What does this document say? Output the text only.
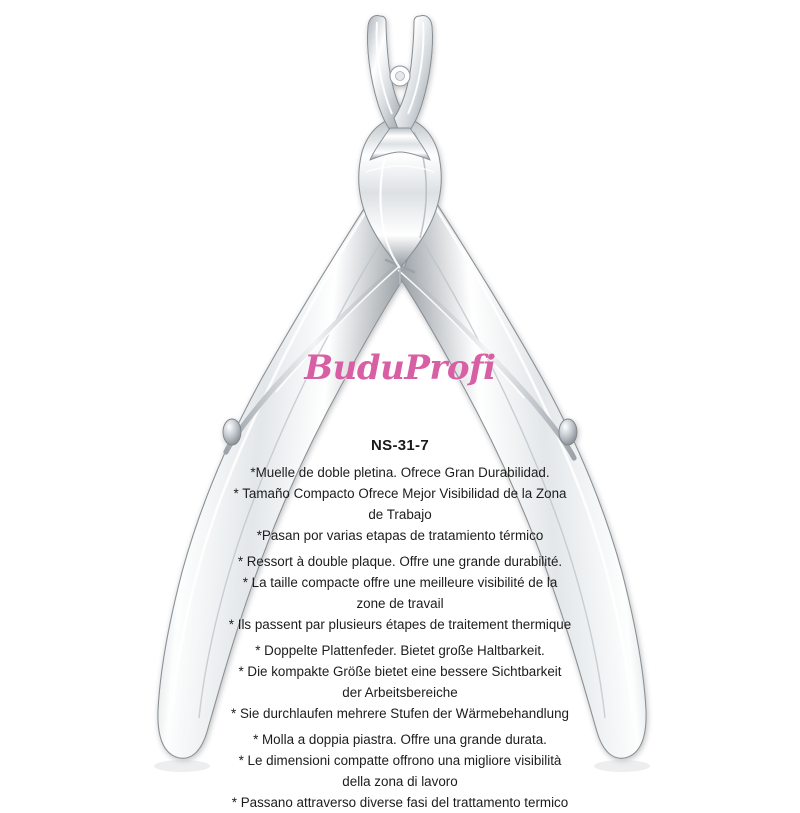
BuduProfi
NS-31-7

*Muelle de doble pletina. Ofrece Gran Durabilidad.

* Tamaño Compacto Ofrece Mejor Visibilidad de la Zona

de Trabajo

*Pasan por varias etapas de tratamiento térmico

* Ressort à double plaque. Offre une grande durabilité.

* La taille compacte offre une meilleure visibilité de la

zone de travail

* Ils passent par plusieurs étapes de traitement thermique

* Doppelte Plattenfeder. Bietet große Haltbarkeit.

* Die kompakte Größe bietet eine bessere Sichtbarkeit

der Arbeitsbereiche

* Sie durchlaufen mehrere Stufen der Wärmebehandlung

* Molla a doppia piastra. Offre una grande durata.

* Le dimensioni compatte offrono una migliore visibilità

della zona di lavoro

* Passano attraverso diverse fasi del trattamento termico
